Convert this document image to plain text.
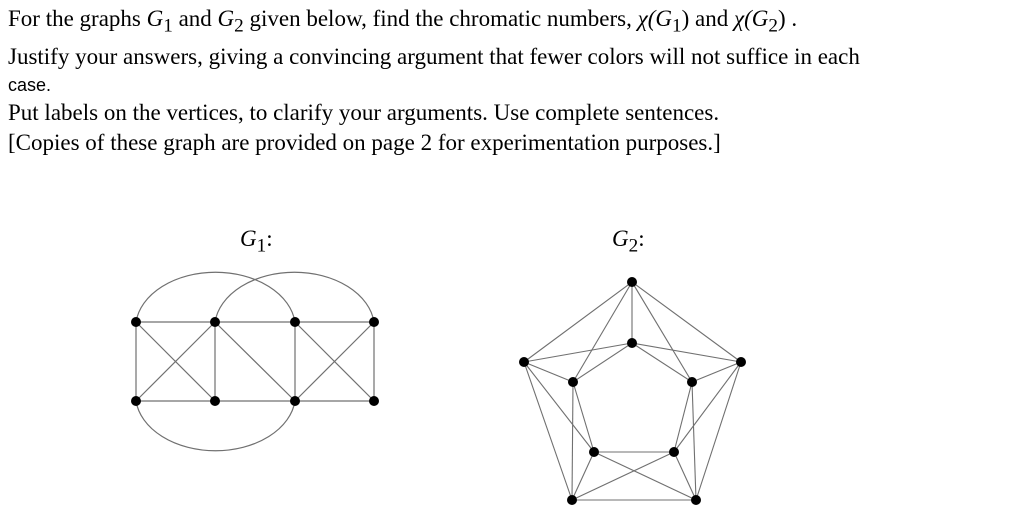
For the graphs $G_1$ and $G_2$ given below, find the chromatic numbers, $\chi(G_1)$ and $\chi(G_2)$ .
Justify your answers, giving a convincing argument that fewer colors will not suffice in each
case.
Put labels on the vertices, to clarify your arguments. Use complete sentences.
[Copies of these graph are provided on page 2 for experimentation purposes.]
$G_1$:	$G_2$:
